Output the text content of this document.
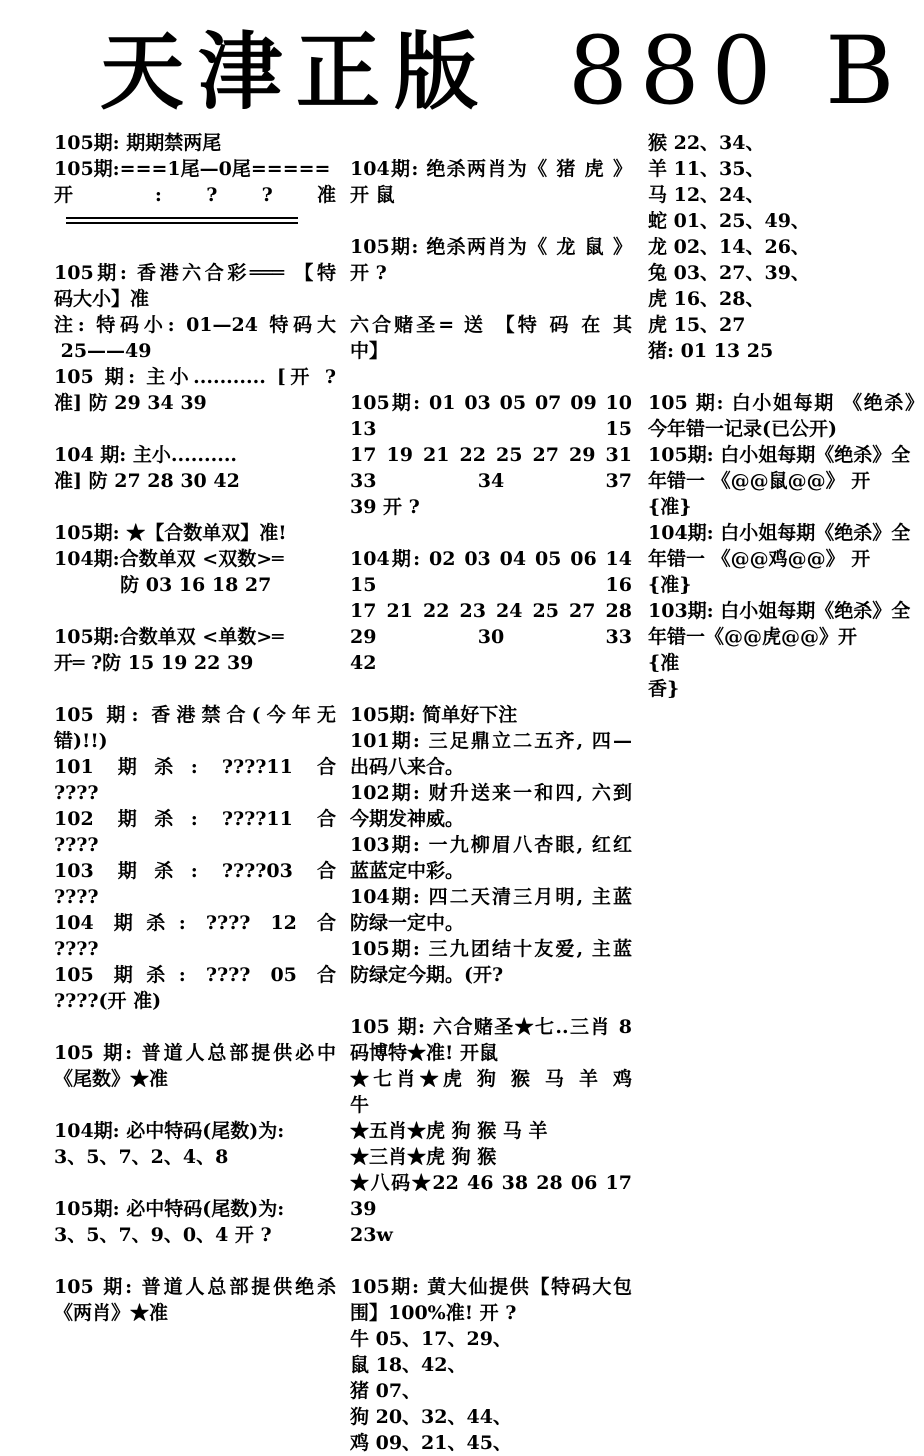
天津正版 880 B
105期: 期期禁两尾
105期:===1尾—0尾=====
开 : ? ? 准
105期: 香港六合彩═══ 【特
码大小】准
注: 特码小: 01—24 特码大
25——49
105 期: 主小........... [开 ?
准] 防 29 34 39
104 期: 主小..........
准] 防 27 28 30 42
105期: ★【合数单双】准!
104期:合数单双 <双数>═
防 03 16 18 27
105期:合数单双 <单数>═
开═ ?防 15 19 22 39
105 期: 香港禁合(今年无
错)!!)
101 期杀: ????11 合
????
102 期杀: ????11 合
????
103 期杀: ????03 合
????
104 期杀: ???? 12 合
????
105 期杀: ???? 05 合
????(开 准)
105 期: 普道人总部提供必中
《尾数》★准
104期: 必中特码(尾数)为:
3、5、7、2、4、8
105期: 必中特码(尾数)为:
3、5、7、9、0、4 开 ?
105 期: 普道人总部提供绝杀
《两肖》★准
104期: 绝杀两肖为《 猪 虎 》
开 鼠
105期: 绝杀两肖为《 龙 鼠 》
开 ?
六合赌圣= 送 【特 码 在 其
中】
105期: 01 03 05 07 09 10 13 15
17 19 21 22 25 27 29 31 33 34 37
39 开 ?
104期: 02 03 04 05 06 14 15 16
17 21 22 23 24 25 27 28 29 30 33
42
105期: 简单好下注
101期: 三足鼎立二五齐, 四—
出码八来合。
102期: 财升送来一和四, 六到
今期发神威。
103期: 一九柳眉八杏眼, 红红
蓝蓝定中彩。
104期: 四二天清三月明, 主蓝
防绿一定中。
105期: 三九团结十友爱, 主蓝
防绿定今期。(开?
105 期: 六合赌圣★七..三肖 8
码博特★准! 开鼠
★七肖★虎 狗 猴 马 羊 鸡
牛
★五肖★虎 狗 猴 马 羊
★三肖★虎 狗 猴
★八码★22 46 38 28 06 17 39
23w
105期: 黄大仙提供【特码大包
围】100%准! 开 ?
牛 05、17、29、
鼠 18、42、
猪 07、
狗 20、32、44、
鸡 09、21、45、
猴 22、34、
羊 11、35、
马 12、24、
蛇 01、25、49、
龙 02、14、26、
兔 03、27、39、
虎 16、28、
虎 15、27
猪: 01 13 25
105 期: 白小姐每期 《绝杀》
今年错一记录(已公开)
105期: 白小姐每期《绝杀》全
年错一 《@@鼠@@》 开
{准}
104期: 白小姐每期《绝杀》全
年错一 《@@鸡@@》 开
{准}
103期: 白小姐每期《绝杀》全
年错一《@@虎@@》开
{准
香}
